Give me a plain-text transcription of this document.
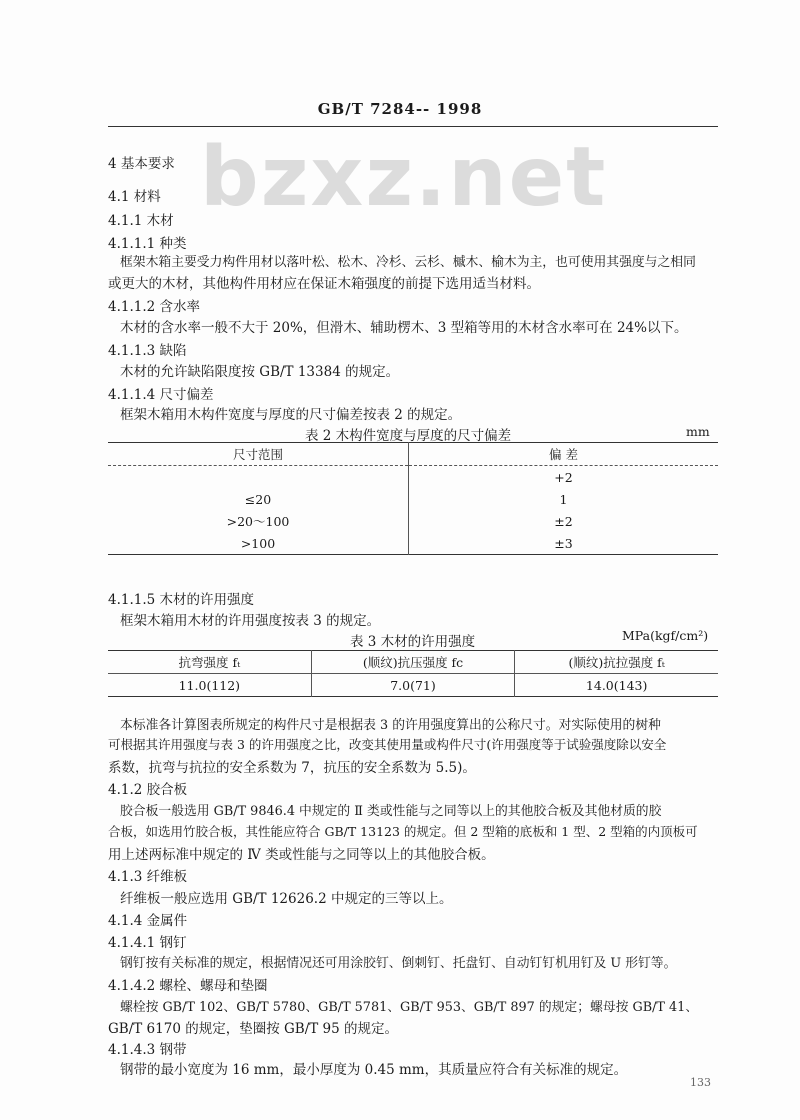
GB/T 7284-- 1998
bzxz.net
4 基本要求
4.1 材料
4.1.1 木材
4.1.1.1 种类
框架木箱主要受力构件用材以落叶松、松木、冷杉、云杉、槭木、榆木为主，也可使用其强度与之相同
或更大的木材，其他构件用材应在保证木箱强度的前提下选用适当材料。
4.1.1.2 含水率
木材的含水率一般不大于 20%，但滑木、辅助楞木、3 型箱等用的木材含水率可在 24%以下。
4.1.1.3 缺陷
木材的允许缺陷限度按 GB/T 13384 的规定。
4.1.1.4 尺寸偏差
框架木箱用木构件宽度与厚度的尺寸偏差按表 2 的规定。
表 2 木构件宽度与厚度的尺寸偏差	mm
尺寸范围	偏 差
	+2
≤20	1
>20～100	±2
>100	±3
4.1.1.5 木材的许用强度
框架木箱用木材的许用强度按表 3 的规定。
表 3 木材的许用强度	MPa(kgf/cm²)
抗弯强度 fₜ	(顺纹)抗压强度 fc	(顺纹)抗拉强度 fₜ
11.0(112)	7.0(71)	14.0(143)
本标准各计算图表所规定的构件尺寸是根据表 3 的许用强度算出的公称尺寸。对实际使用的树种
可根据其许用强度与表 3 的许用强度之比，改变其使用量或构件尺寸(许用强度等于试验强度除以安全
系数，抗弯与抗拉的安全系数为 7，抗压的安全系数为 5.5)。
4.1.2 胶合板
胶合板一般选用 GB/T 9846.4 中规定的 Ⅱ 类或性能与之同等以上的其他胶合板及其他材质的胶
合板，如选用竹胶合板，其性能应符合 GB/T 13123 的规定。但 2 型箱的底板和 1 型、2 型箱的内顶板可
用上述两标准中规定的 Ⅳ 类或性能与之同等以上的其他胶合板。
4.1.3 纤维板
纤维板一般应选用 GB/T 12626.2 中规定的三等以上。
4.1.4 金属件
4.1.4.1 钢钉
钢钉按有关标准的规定，根据情况还可用涂胶钉、倒刺钉、托盘钉、自动钉钉机用钉及 U 形钉等。
4.1.4.2 螺栓、螺母和垫圈
螺栓按 GB/T 102、GB/T 5780、GB/T 5781、GB/T 953、GB/T 897 的规定；螺母按 GB/T 41、
GB/T 6170 的规定，垫圈按 GB/T 95 的规定。
4.1.4.3 钢带
钢带的最小宽度为 16 mm，最小厚度为 0.45 mm，其质量应符合有关标准的规定。
133
